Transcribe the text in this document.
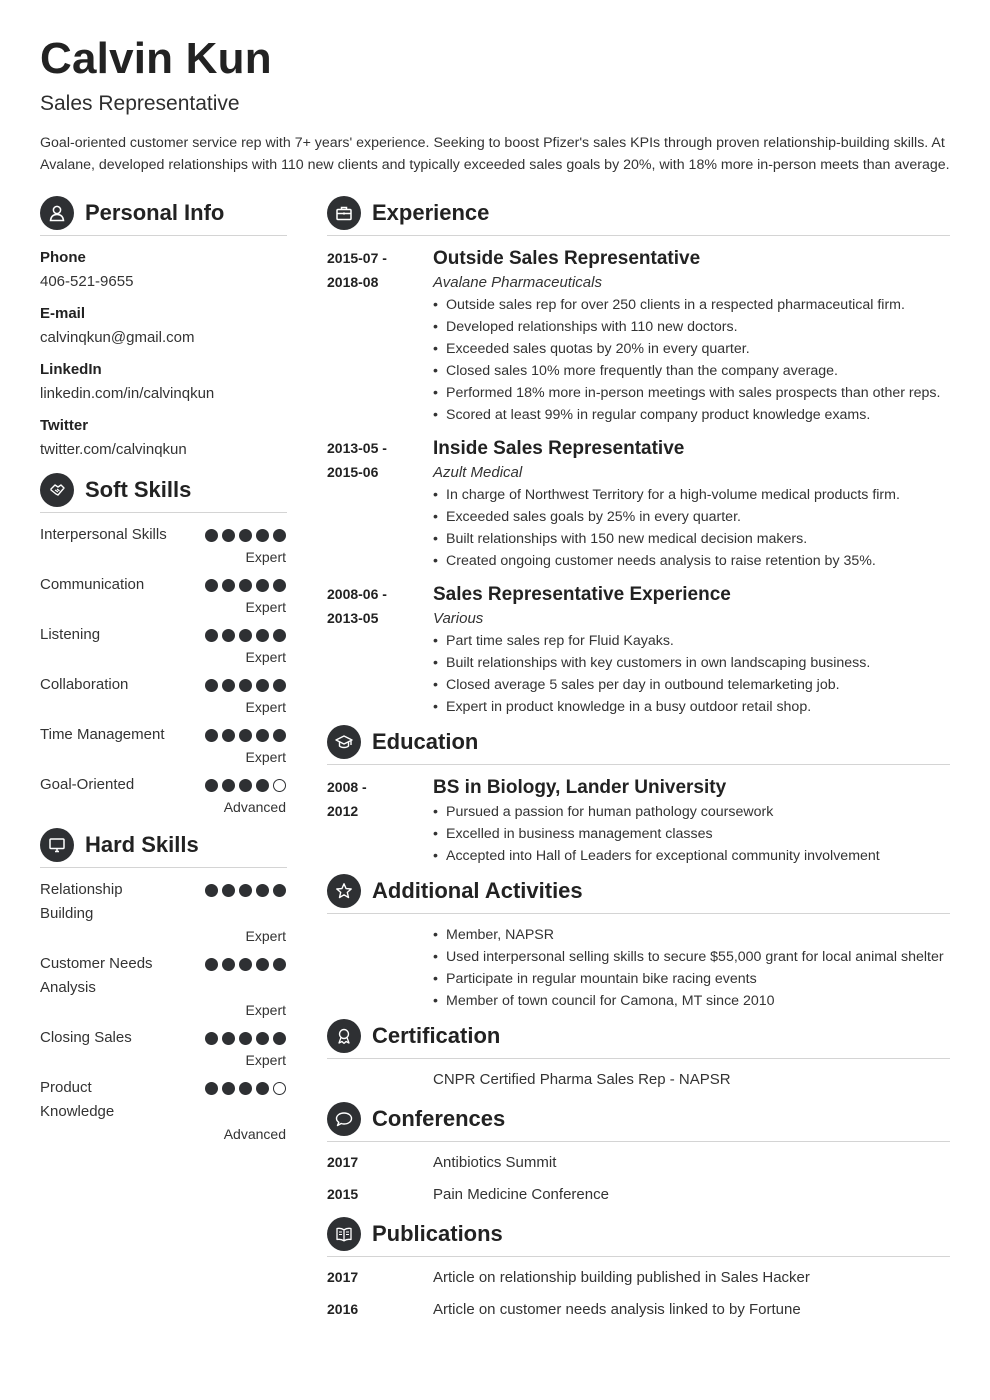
Calvin Kun
Sales Representative
Goal-oriented customer service rep with 7+ years' experience. Seeking to boost Pfizer's sales KPIs through proven relationship-building skills. At Avalane, developed relationships with 110 new clients and typically exceeded sales goals by 20%, with 18% more in-person meets than average.
Personal Info
Phone
406-521-9655
E-mail
calvinqkun@gmail.com
LinkedIn
linkedin.com/in/calvinqkun
Twitter
twitter.com/calvinqkun
Soft Skills
Interpersonal Skills
Expert
Communication
Expert
Listening
Expert
Collaboration
Expert
Time Management
Expert
Goal-Oriented
Advanced
Hard Skills
Relationship Building
Expert
Customer Needs Analysis
Expert
Closing Sales
Expert
Product Knowledge
Advanced
Experience
2015-07 - 2018-08
Outside Sales Representative
Avalane Pharmaceuticals
• Outside sales rep for over 250 clients in a respected pharmaceutical firm.
• Developed relationships with 110 new doctors.
• Exceeded sales quotas by 20% in every quarter.
• Closed sales 10% more frequently than the company average.
• Performed 18% more in-person meetings with sales prospects than other reps.
• Scored at least 99% in regular company product knowledge exams.
2013-05 - 2015-06
Inside Sales Representative
Azult Medical
• In charge of Northwest Territory for a high-volume medical products firm.
• Exceeded sales goals by 25% in every quarter.
• Built relationships with 150 new medical decision makers.
• Created ongoing customer needs analysis to raise retention by 35%.
2008-06 - 2013-05
Sales Representative Experience
Various
• Part time sales rep for Fluid Kayaks.
• Built relationships with key customers in own landscaping business.
• Closed average 5 sales per day in outbound telemarketing job.
• Expert in product knowledge in a busy outdoor retail shop.
Education
2008 - 2012
BS in Biology, Lander University
• Pursued a passion for human pathology coursework
• Excelled in business management classes
• Accepted into Hall of Leaders for exceptional community involvement
Additional Activities
• Member, NAPSR
• Used interpersonal selling skills to secure $55,000 grant for local animal shelter
• Participate in regular mountain bike racing events
• Member of town council for Camona, MT since 2010
Certification
CNPR Certified Pharma Sales Rep - NAPSR
Conferences
2017	Antibiotics Summit
2015	Pain Medicine Conference
Publications
2017	Article on relationship building published in Sales Hacker
2016	Article on customer needs analysis linked to by Fortune
